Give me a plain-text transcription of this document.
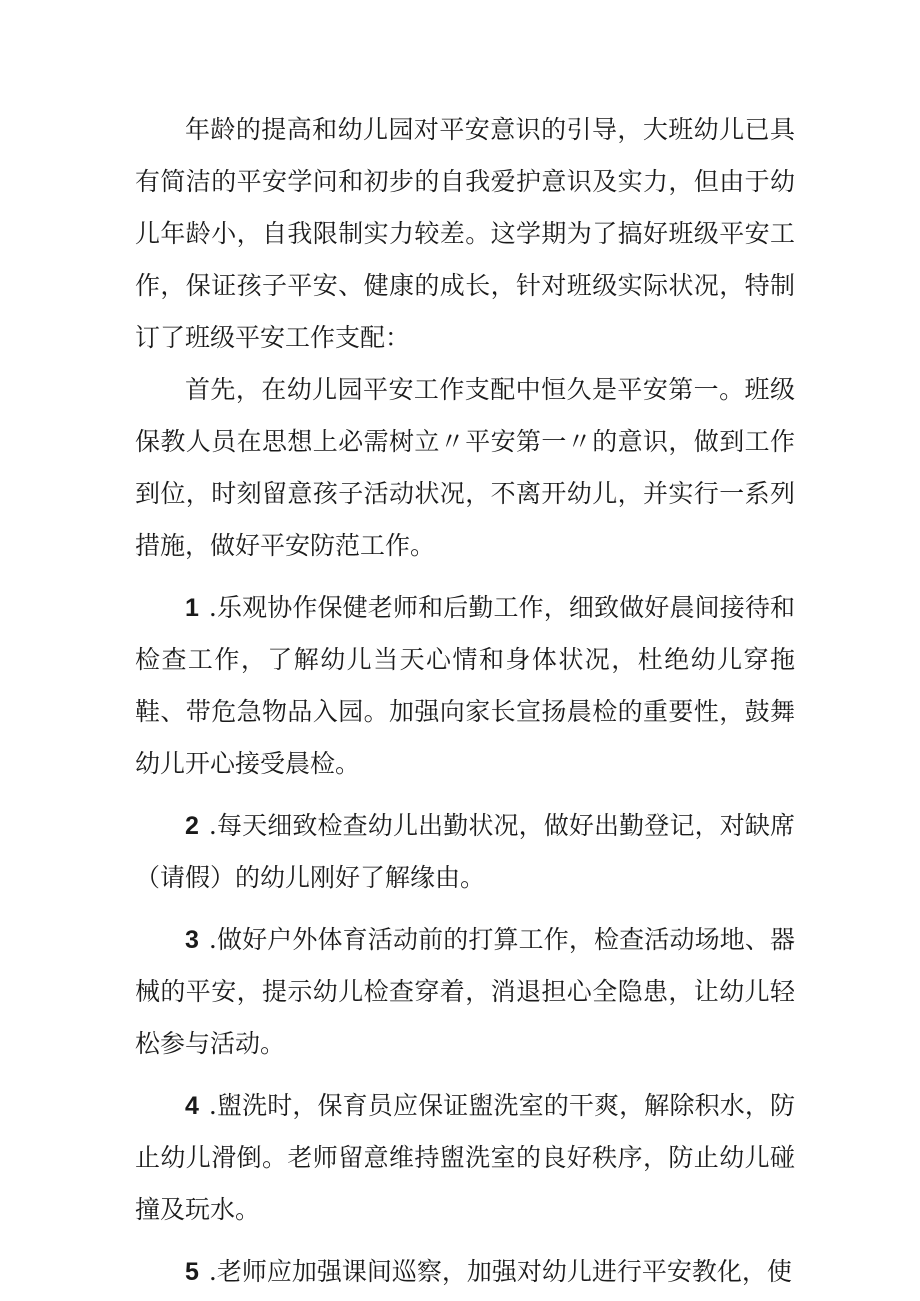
年龄的提高和幼儿园对平安意识的引导，大班幼儿已具有简洁的平安学问和初步的自我爱护意识及实力，但由于幼儿年龄小，自我限制实力较差。这学期为了搞好班级平安工作，保证孩子平安、健康的成长，针对班级实际状况，特制订了班级平安工作支配：

首先，在幼儿园平安工作支配中恒久是平安第一。班级保教人员在思想上必需树立〃平安第一〃的意识，做到工作到位，时刻留意孩子活动状况，不离开幼儿，并实行一系列措施，做好平安防范工作。

1 .乐观协作保健老师和后勤工作，细致做好晨间接待和检查工作，了解幼儿当天心情和身体状况，杜绝幼儿穿拖鞋、带危急物品入园。加强向家长宣扬晨检的重要性，鼓舞幼儿开心接受晨检。

2 .每天细致检查幼儿出勤状况，做好出勤登记，对缺席（请假）的幼儿刚好了解缘由。

3 .做好户外体育活动前的打算工作，检查活动场地、器械的平安，提示幼儿检查穿着，消退担心全隐患，让幼儿轻松参与活动。

4 .盥洗时，保育员应保证盥洗室的干爽，解除积水，防止幼儿滑倒。老师留意维持盥洗室的良好秩序，防止幼儿碰撞及玩水。

5 .老师应加强课间巡察，加强对幼儿进行平安教化，使
